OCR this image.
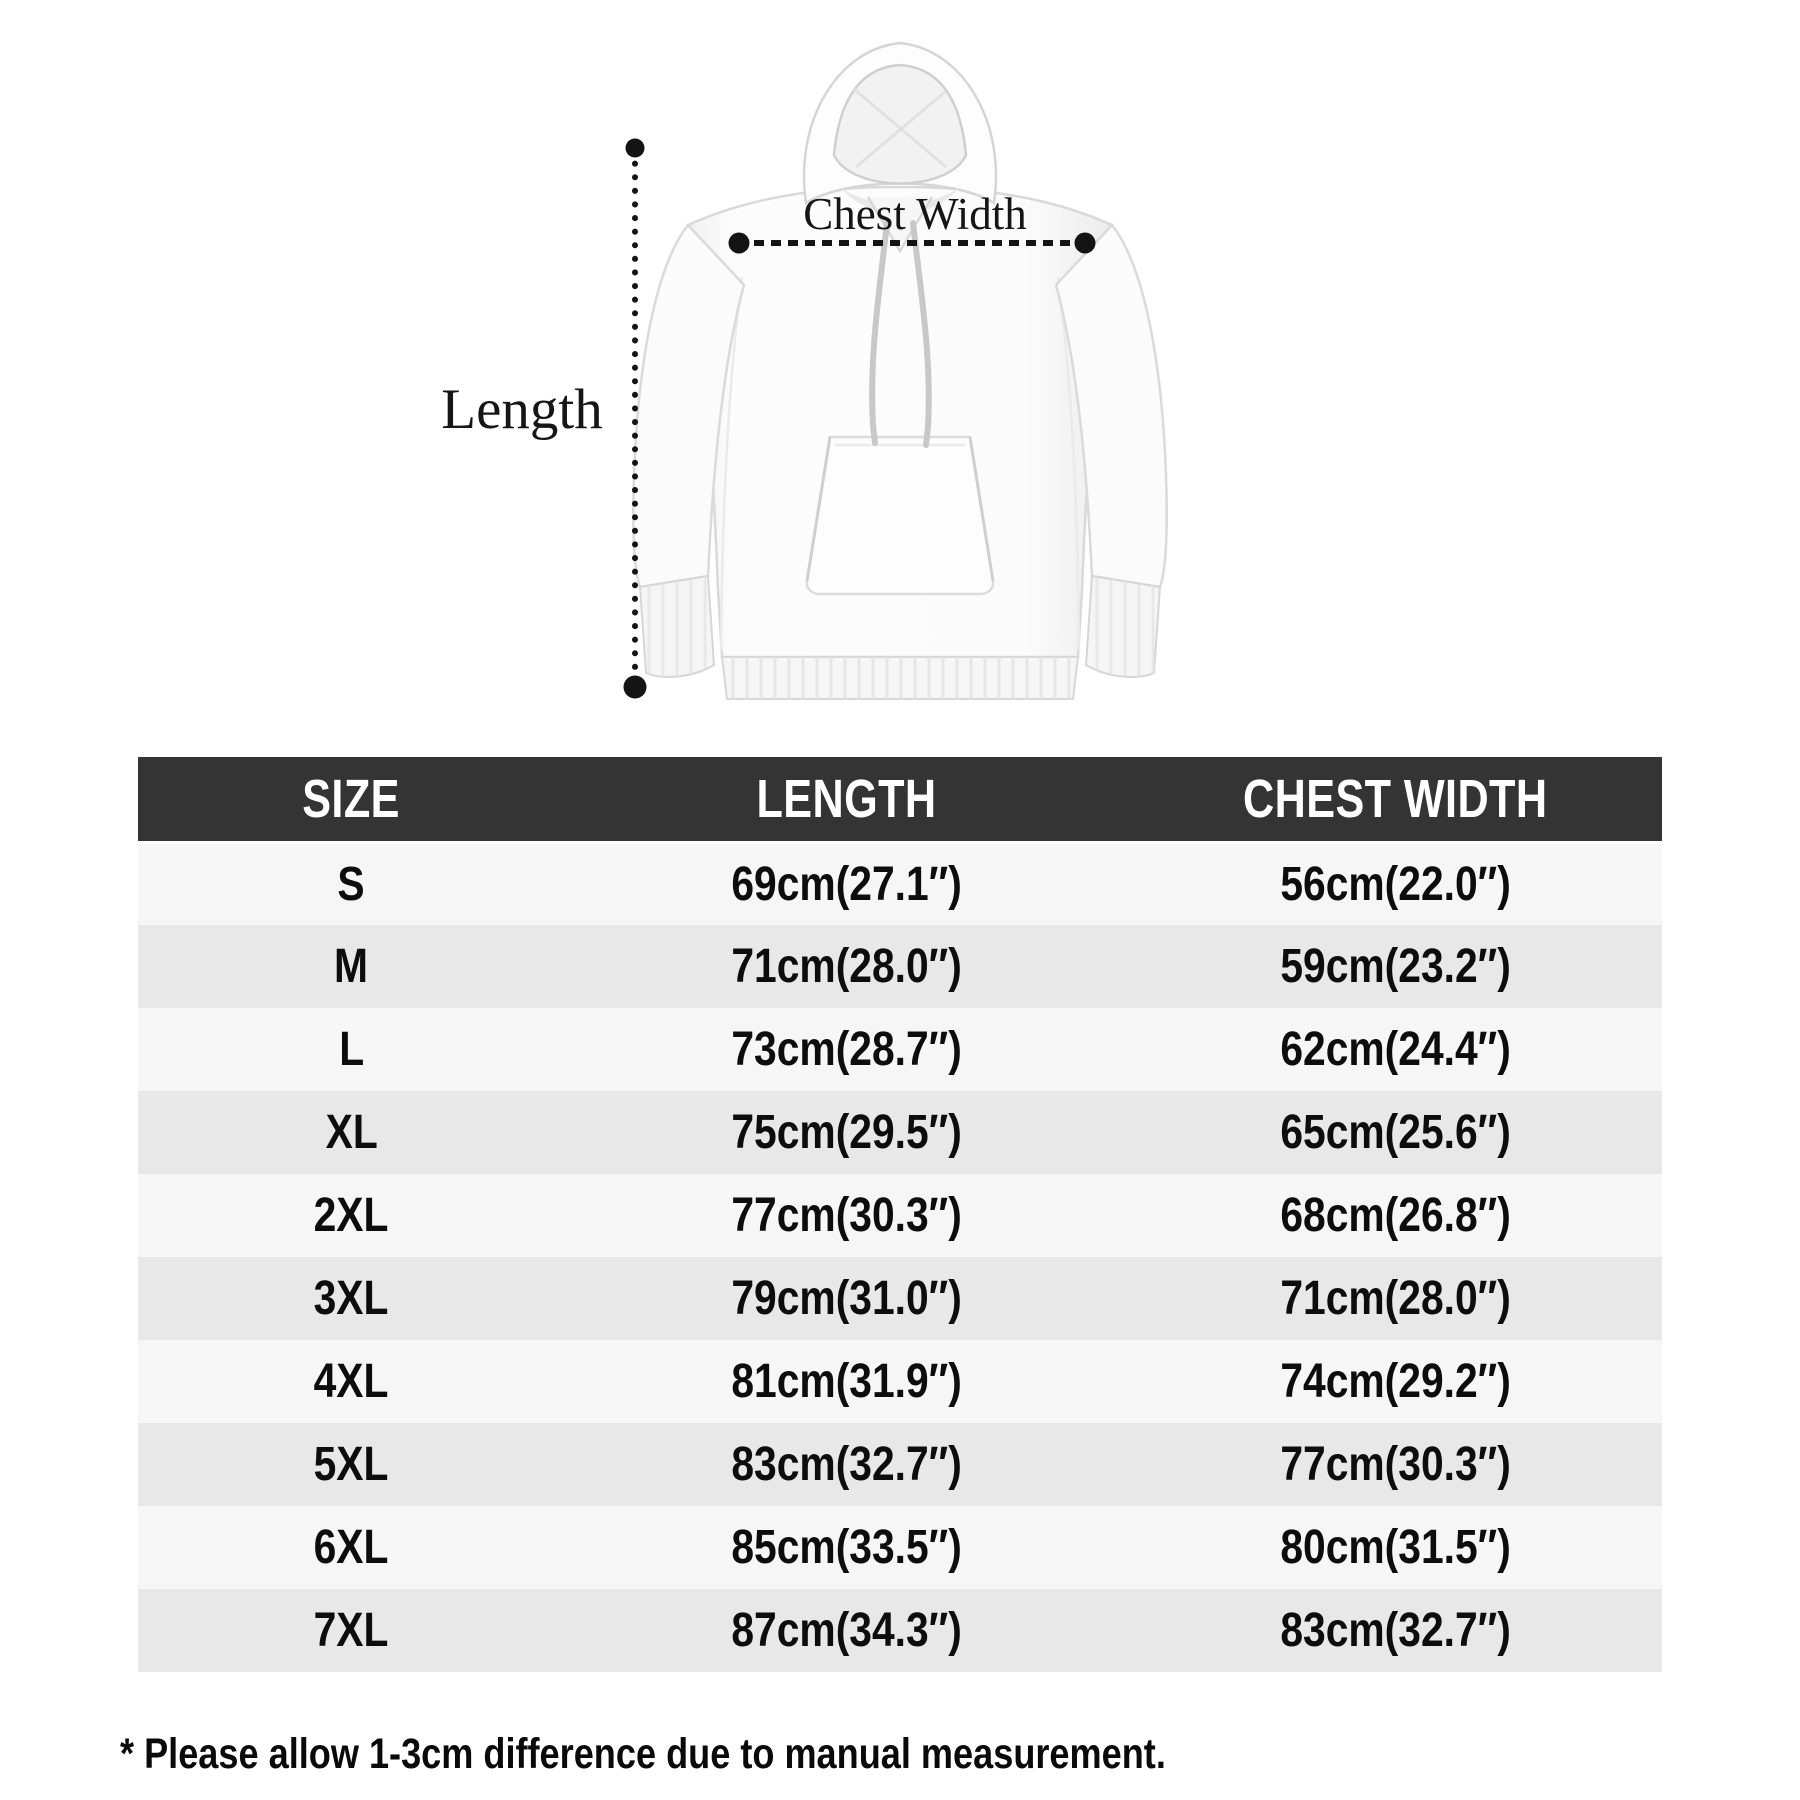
Length
Chest Width
SIZE	LENGTH	CHEST WIDTH
S	69cm(27.1″)	56cm(22.0″)
M	71cm(28.0″)	59cm(23.2″)
L	73cm(28.7″)	62cm(24.4″)
XL	75cm(29.5″)	65cm(25.6″)
2XL	77cm(30.3″)	68cm(26.8″)
3XL	79cm(31.0″)	71cm(28.0″)
4XL	81cm(31.9″)	74cm(29.2″)
5XL	83cm(32.7″)	77cm(30.3″)
6XL	85cm(33.5″)	80cm(31.5″)
7XL	87cm(34.3″)	83cm(32.7″)
* Please allow 1-3cm difference due to manual measurement.
